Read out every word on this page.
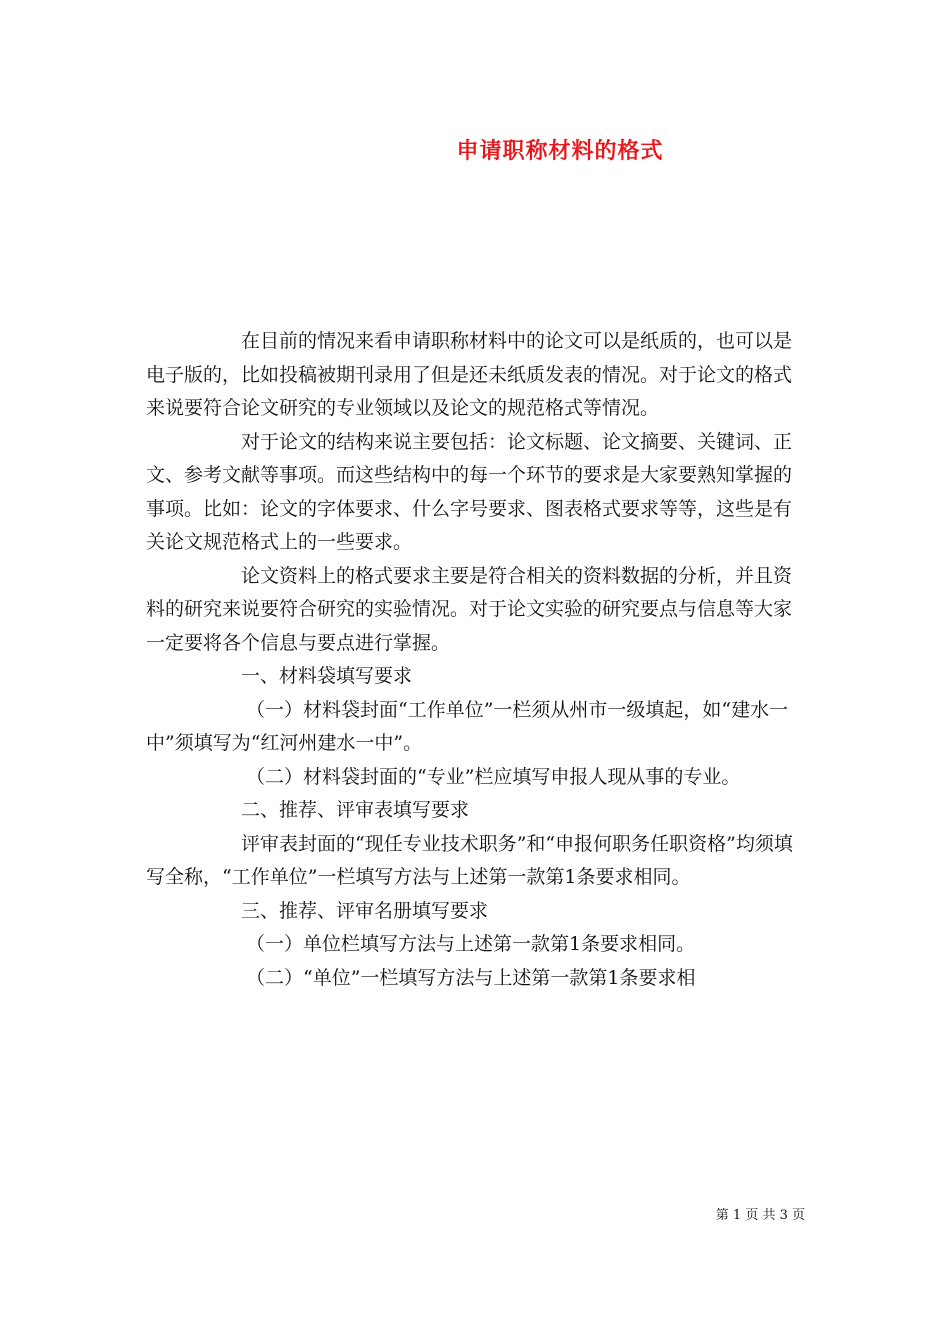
申请职称材料的格式

在目前的情况来看申请职称材料中的论文可以是纸质的，也可以是电子版的，比如投稿被期刊录用了但是还未纸质发表的情况。对于论文的格式来说要符合论文研究的专业领域以及论文的规范格式等情况。

对于论文的结构来说主要包括：论文标题、论文摘要、关键词、正文、参考文献等事项。而这些结构中的每一个环节的要求是大家要熟知掌握的事项。比如：论文的字体要求、什么字号要求、图表格式要求等等，这些是有关论文规范格式上的一些要求。

论文资料上的格式要求主要是符合相关的资料数据的分析，并且资料的研究来说要符合研究的实验情况。对于论文实验的研究要点与信息等大家一定要将各个信息与要点进行掌握。

一、材料袋填写要求

（一）材料袋封面“工作单位”一栏须从州市一级填起，如“建水一中”须填写为“红河州建水一中”。

（二）材料袋封面的“专业”栏应填写申报人现从事的专业。

二、推荐、评审表填写要求

评审表封面的“现任专业技术职务”和“申报何职务任职资格”均须填写全称，“工作单位”一栏填写方法与上述第一款第1条要求相同。

三、推荐、评审名册填写要求

（一）单位栏填写方法与上述第一款第1条要求相同。

（二）“单位”一栏填写方法与上述第一款第1条要求相

第 1 页 共 3 页
